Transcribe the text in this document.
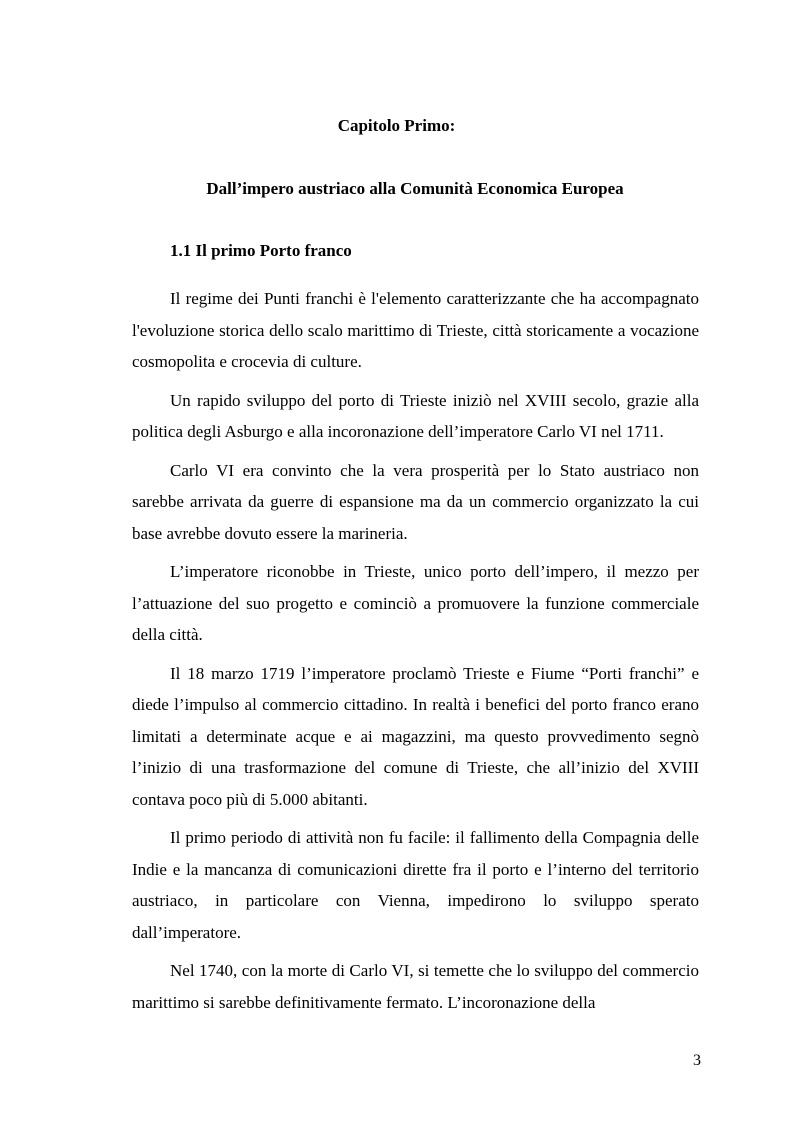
Capitolo Primo:
Dall’impero austriaco alla Comunità Economica Europea
1.1 Il primo Porto franco

Il regime dei Punti franchi è l'elemento caratterizzante che ha accompagnato l'evoluzione storica dello scalo marittimo di Trieste, città storicamente a vocazione cosmopolita e crocevia di culture.

Un rapido sviluppo del porto di Trieste iniziò nel XVIII secolo, grazie alla politica degli Asburgo e alla incoronazione dell’imperatore Carlo VI nel 1711.

Carlo VI era convinto che la vera prosperità per lo Stato austriaco non sarebbe arrivata da guerre di espansione ma da un commercio organizzato la cui base avrebbe dovuto essere la marineria.

L’imperatore riconobbe in Trieste, unico porto dell’impero, il mezzo per l’attuazione del suo progetto e cominciò a promuovere la funzione commerciale della città.

Il 18 marzo 1719 l’imperatore proclamò Trieste e Fiume “Porti franchi” e diede l’impulso al commercio cittadino. In realtà i benefici del porto franco erano limitati a determinate acque e ai magazzini, ma questo provvedimento segnò l’inizio di una trasformazione del comune di Trieste, che all’inizio del XVIII contava poco più di 5.000 abitanti.

Il primo periodo di attività non fu facile: il fallimento della Compagnia delle Indie e la mancanza di comunicazioni dirette fra il porto e l’interno del territorio austriaco, in particolare con Vienna, impedirono lo sviluppo sperato dall’imperatore.

Nel 1740, con la morte di Carlo VI, si temette che lo sviluppo del commercio marittimo si sarebbe definitivamente fermato. L’incoronazione della

3
